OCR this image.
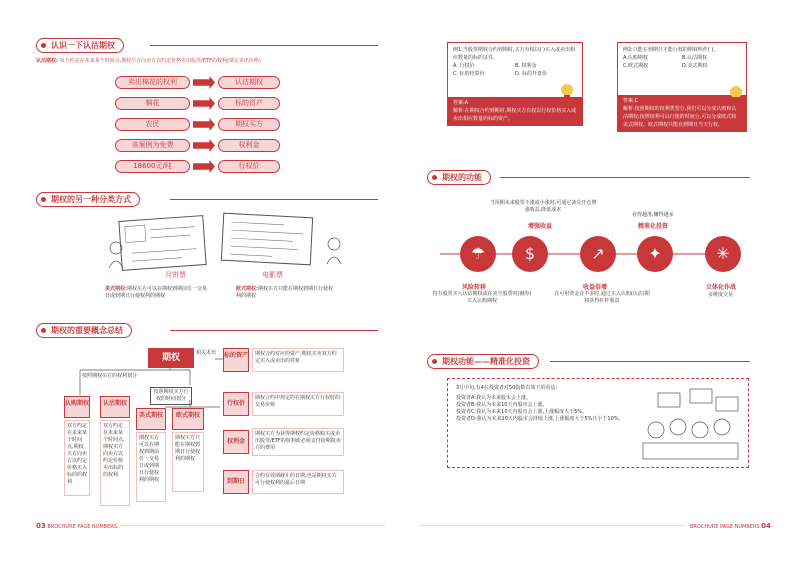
认识一下认沽期权
认沽期权: 双方约定在未来某个时间点,期权买方向卖方以约定价格卖出股票/ETF的权利(锁定卖出价格)
卖出棉花的权利	认沽期权
棉花	标的资产
农民	期权买方
该案例为免费	权利金
18600元/吨	行权价
期权的另一种分类方式
月饼票	电影票
美式期权:期权买方可以在期权到期前任一交易日或到期日行使权利的期权
欧式期权:期权买方只能在期权到期日行使权利的期权
期权的重要概念总结
期权	相关术语
按照期权买方的权利划分
按照期权买方行权的时间划分
认购期权
双方约定在未来某个时间点,期权买方向卖方以约定价格买入标的的权利
认沽期权
双方约定在未来某个时间点,期权买方向卖方以约定价格卖出标的的权利
美式期权
期权买方可以在期权到期前任一交易日或到期日行使权利的期权
欧式期权
期权买方只能在期权到期日行使权利的期权
标的资产	期权合约对应的资产,期权买卖双方约定买入或卖出的对象
行权价
期权合约中规定的在期权买方行权时的交易价格
权利金
期权买方为获得期权约定价格购买或卖出股票/ETF的权利而必须支付给期权卖方的费用
到期日
合约有效期截止的日期,也是期权买方可行使权利的最后日期
03 BROCHURE PAGE NUMBERS
例1:当股票期权合约到期时,买方有权以( )买入或卖出相应数量的标的证券。
A. 行权价	B. 权利金
C. 标的结算价	D. 标的开盘价
答案:A
解析:在期权合约到期时,期权买方有权以行权价格买入或卖出相应数量的标的资产。
例2:只能在到期日才能行权的期权叫作( )。
A.认购期权	B.认沽期权
C.欧式期权	D.美式期权
答案:C
解析:按照期权的权利类型分,我们可以分成认购和认沽期权;按照权利可以行使的时间分,可以分成欧式和美式期权。欧式期权只能在到期日当天行权。
期权的功能
当预期未来股票不涨或小涨时,可通过备兑开仓增强收益,降低成本
增强收益
看得越准,赚得越多
精准化投资
☂	$	↗	✦	✳
风险转移
持有股票买入认沽期权或在卖空股票时(融券)买入认购期权
收益倍增
在可用资金并不多时,通过买入认购(认沽)期权获得杠杆收益
立体化作战
多维度交易
期权功能——精准化投资
3月中旬,有4位投资者对50指数有如下的看法:
投资者A:我认为未来股市会上涨。
投资者B:我认为未来10天内股市会上涨。
投资者C:我认为未来10天内股市会上涨,上涨幅度大于5%。
投资者D:我认为未来10天内股市会持续上涨,上涨幅度大于5%且小于10%。
BROCHURE PAGE NUMBERS 04
